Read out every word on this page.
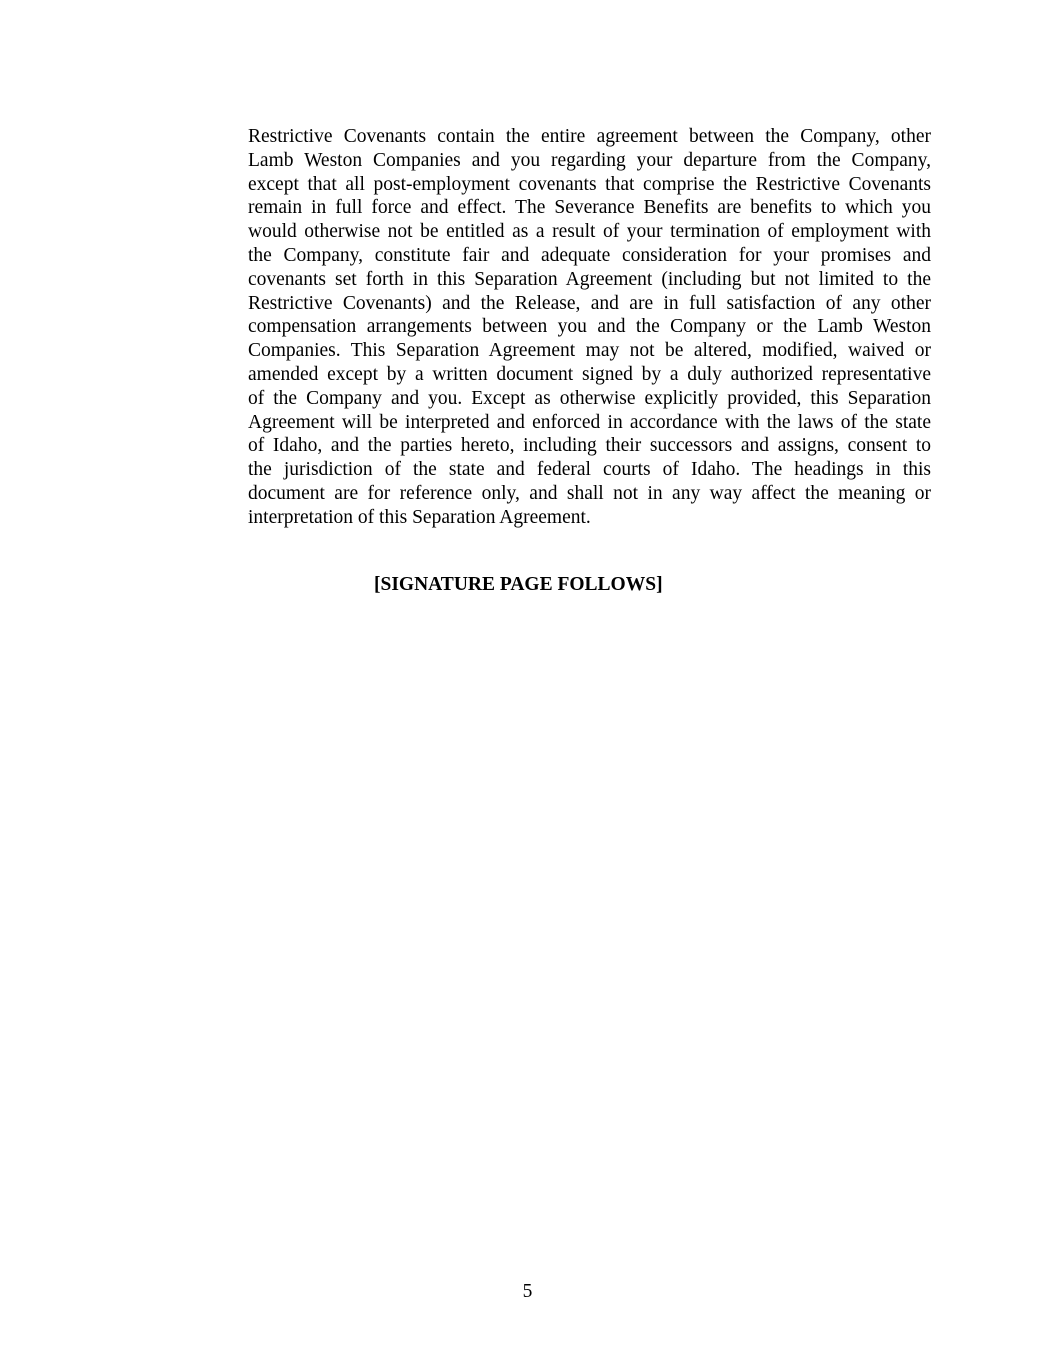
Restrictive Covenants contain the entire agreement between the Company, other
Lamb Weston Companies and you regarding your departure from the Company,
except that all post-employment covenants that comprise the Restrictive Covenants
remain in full force and effect. The Severance Benefits are benefits to which you
would otherwise not be entitled as a result of your termination of employment with
the Company, constitute fair and adequate consideration for your promises and
covenants set forth in this Separation Agreement (including but not limited to the
Restrictive Covenants) and the Release, and are in full satisfaction of any other
compensation arrangements between you and the Company or the Lamb Weston
Companies. This Separation Agreement may not be altered, modified, waived or
amended except by a written document signed by a duly authorized representative
of the Company and you. Except as otherwise explicitly provided, this Separation
Agreement will be interpreted and enforced in accordance with the laws of the state
of Idaho, and the parties hereto, including their successors and assigns, consent to
the jurisdiction of the state and federal courts of Idaho. The headings in this
document are for reference only, and shall not in any way affect the meaning or
interpretation of this Separation Agreement.

[SIGNATURE PAGE FOLLOWS]

5
